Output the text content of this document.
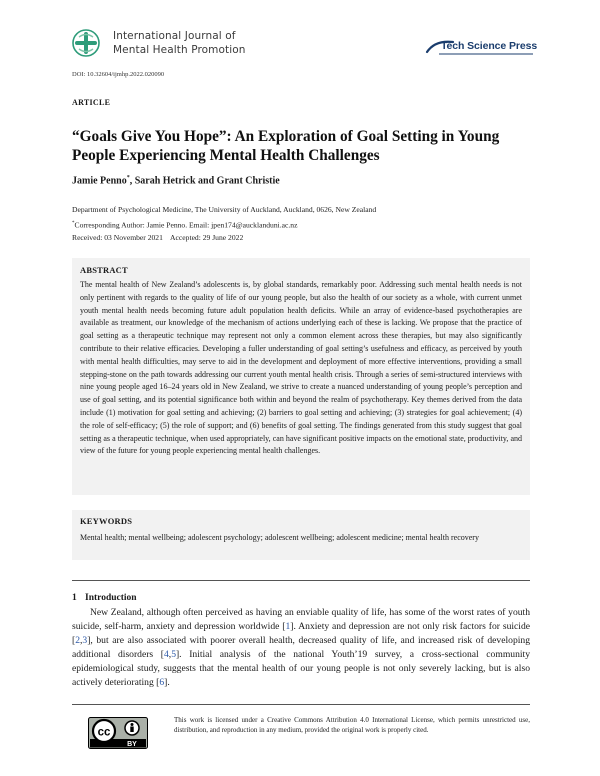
International Journal of
Mental Health Promotion	Tech Science Press
DOI: 10.32604/ijmhp.2022.020090
ARTICLE
“Goals Give You Hope”: An Exploration of Goal Setting in Young People Experiencing Mental Health Challenges
Jamie Penno*, Sarah Hetrick and Grant Christie
Department of Psychological Medicine, The University of Auckland, Auckland, 0626, New Zealand
*Corresponding Author: Jamie Penno. Email: jpen174@aucklanduni.ac.nz
Received: 03 November 2021    Accepted: 29 June 2022
ABSTRACT
The mental health of New Zealand’s adolescents is, by global standards, remarkably poor. Addressing such mental health needs is not only pertinent with regards to the quality of life of our young people, but also the health of our society as a whole, with current unmet youth mental health needs becoming future adult population health deficits. While an array of evidence-based psychotherapies are available as treatment, our knowledge of the mechanism of actions underlying each of these is lacking. We propose that the practice of goal setting as a therapeutic technique may represent not only a common element across these therapies, but may also significantly contribute to their relative efficacies. Developing a fuller understanding of goal setting’s usefulness and efficacy, as perceived by youth with mental health difficulties, may serve to aid in the development and deployment of more effective interventions, providing a small stepping-stone on the path towards addressing our current youth mental health crisis. Through a series of semi-structured interviews with nine young people aged 16–24 years old in New Zealand, we strive to create a nuanced understanding of young people’s perception and use of goal setting, and its potential significance both within and beyond the realm of psychotherapy. Key themes derived from the data include (1) motivation for goal setting and achieving; (2) barriers to goal setting and achieving; (3) strategies for goal achievement; (4) the role of self-efficacy; (5) the role of support; and (6) benefits of goal setting. The findings generated from this study suggest that goal setting as a therapeutic technique, when used appropriately, can have significant positive impacts on the emotional state, productivity, and view of the future for young people experiencing mental health challenges.
KEYWORDS
Mental health; mental wellbeing; adolescent psychology; adolescent wellbeing; adolescent medicine; mental health recovery
1 Introduction
New Zealand, although often perceived as having an enviable quality of life, has some of the worst rates of youth suicide, self-harm, anxiety and depression worldwide [1]. Anxiety and depression are not only risk factors for suicide [2,3], but are also associated with poorer overall health, decreased quality of life, and increased risk of developing additional disorders [4,5]. Initial analysis of the national Youth’19 survey, a cross-sectional community epidemiological study, suggests that the mental health of our young people is not only severely lacking, but is also actively deteriorating [6].
cc
BY
This work is licensed under a Creative Commons Attribution 4.0 International License, which permits unrestricted use, distribution, and reproduction in any medium, provided the original work is properly cited.
